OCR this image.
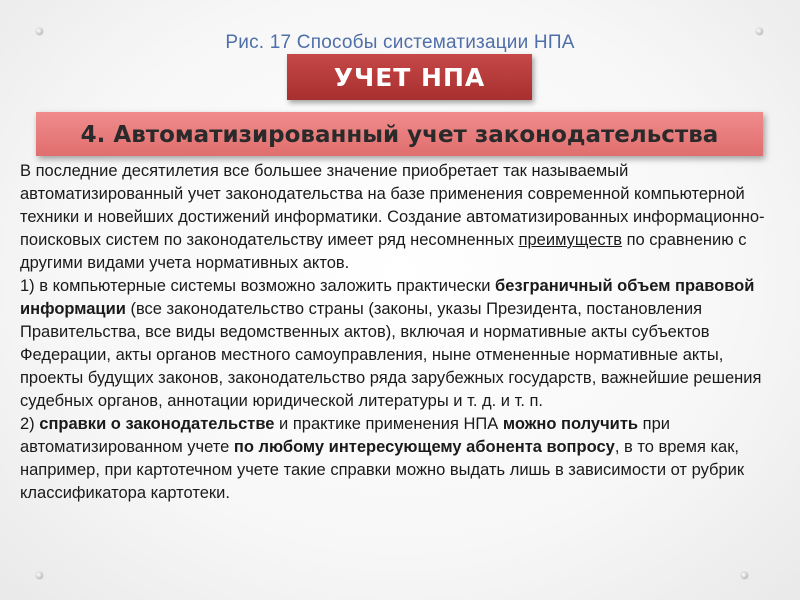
Рис. 17 Способы систематизации НПА
УЧЕТ НПА

В последние десятилетия все большее значение приобретает так называемый автоматизированный учет законодательства на базе применения современной компьютерной техники и новейших достижений информатики. Создание автоматизированных информационно-поисковых систем по законодательству имеет ряд несомненных преимуществ по сравнению с другими видами учета нормативных актов.

1) в компьютерные системы возможно заложить практически безграничный объем правовой информации (все законодательство страны (законы, указы Президента, постановления Правительства, все виды ведомственных актов), включая и нормативные акты субъектов Федерации, акты органов местного самоуправления, ныне отмененные нормативные акты, проекты будущих законов, законодательство ряда зарубежных государств, важнейшие решения судебных органов, аннотации юридической литературы и т. д. и т. п.

2) справки о законодательстве и практике применения НПА можно получить при автоматизированном учете по любому интересующему абонента вопросу, в то время как, например, при картотечном учете такие справки можно выдать лишь в зависимости от рубрик классификатора картотеки.

4. Автоматизированный учет законодательства
